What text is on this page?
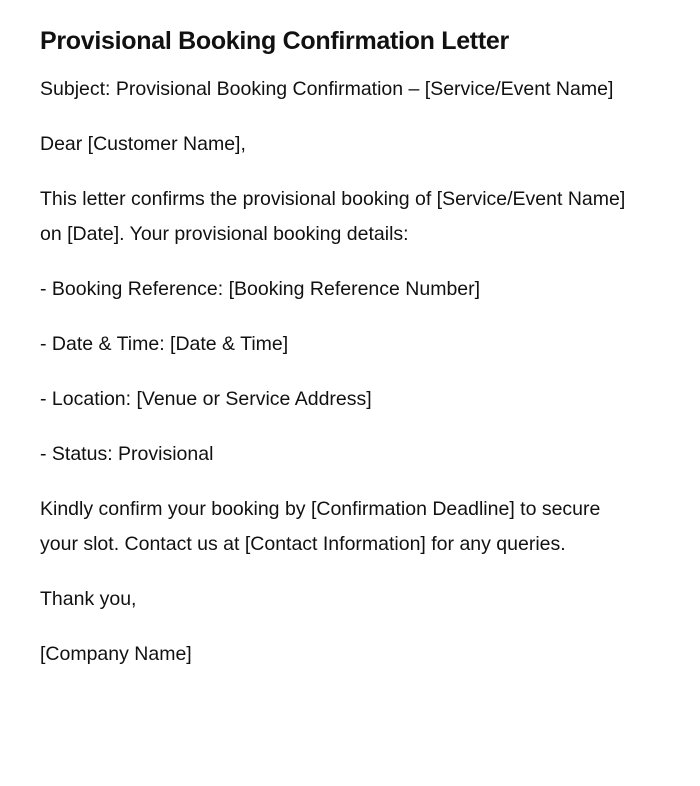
Provisional Booking Confirmation Letter

Subject: Provisional Booking Confirmation – [Service/Event Name]

Dear [Customer Name],

This letter confirms the provisional booking of [Service/Event Name] on [Date]. Your provisional booking details:

- Booking Reference: [Booking Reference Number]

- Date & Time: [Date & Time]

- Location: [Venue or Service Address]

- Status: Provisional

Kindly confirm your booking by [Confirmation Deadline] to secure your slot. Contact us at [Contact Information] for any queries.

Thank you,

[Company Name]
